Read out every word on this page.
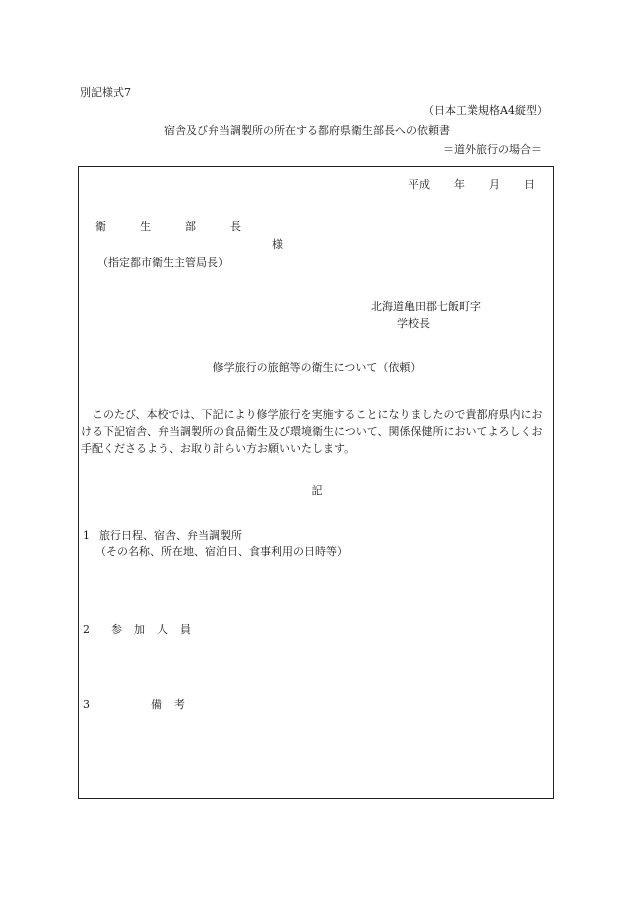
別記様式7
（日本工業規格A4縦型）
宿舎及び弁当調製所の所在する都府県衛生部長への依頼書
＝道外旅行の場合＝
平成 年 月 日
衛	生	部	長
様
（指定都市衛生主管局長）
北海道亀田郡七飯町字
学校長
修学旅行の旅館等の衛生について（依頼）
このたび、本校では、下記により修学旅行を実施することになりましたので貴都府県内における下記宿舎、弁当調製所の食品衛生及び環境衛生について、関係保健所においてよろしくお手配くださるよう、お取り計らい方お願いいたします。
記
1 旅行日程、宿舎、弁当調製所
（その名称、所在地、宿泊日、食事利用の日時等）
2 参 加 人 員
3	備 考
